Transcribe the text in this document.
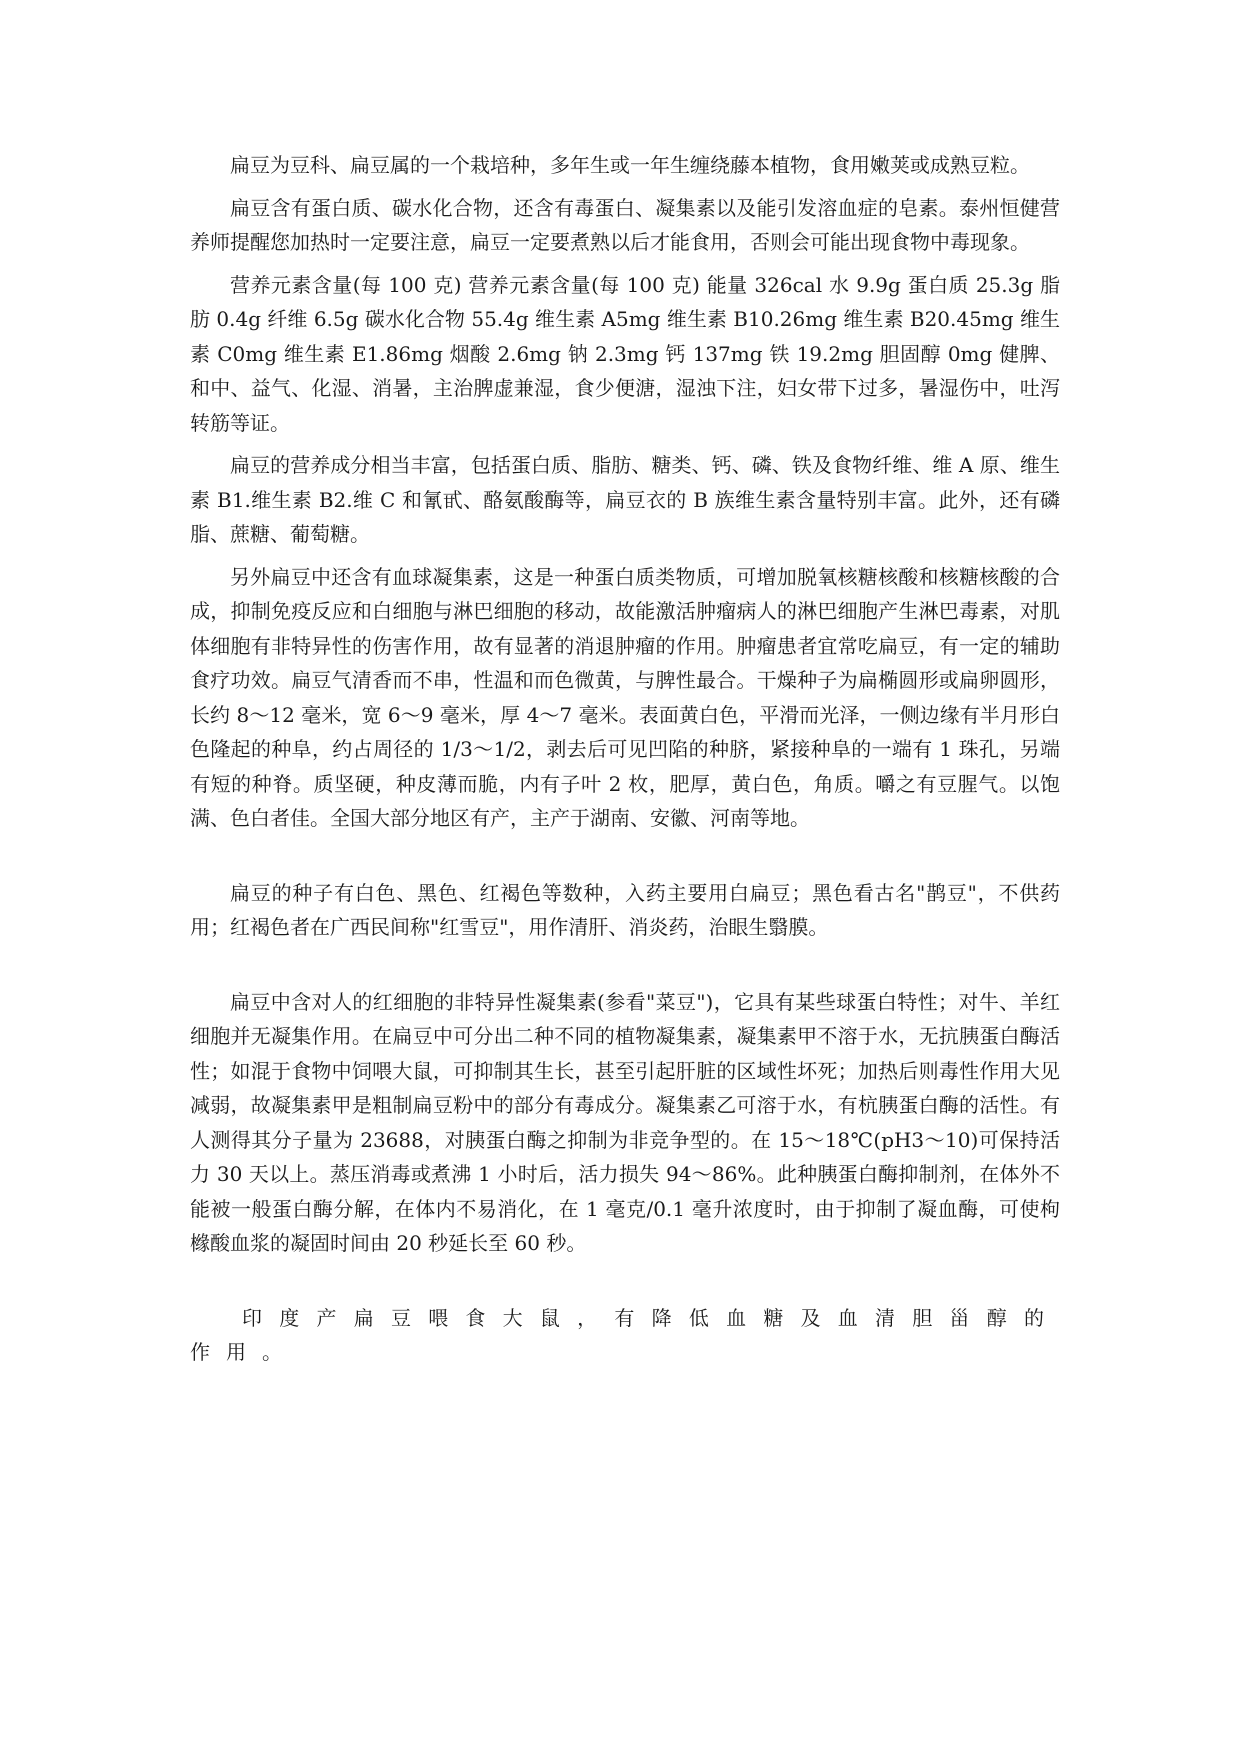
扁豆为豆科、扁豆属的一个栽培种，多年生或一年生缠绕藤本植物，食用嫩荚或成熟豆粒。

扁豆含有蛋白质、碳水化合物，还含有毒蛋白、凝集素以及能引发溶血症的皂素。泰州恒健营养师提醒您加热时一定要注意，扁豆一定要煮熟以后才能食用，否则会可能出现食物中毒现象。

营养元素含量(每 100 克) 营养元素含量(每 100 克) 能量 326cal 水 9.9g 蛋白质 25.3g 脂肪 0.4g 纤维 6.5g 碳水化合物 55.4g 维生素 A5mg 维生素 B10.26mg 维生素 B20.45mg 维生素 C0mg 维生素 E1.86mg 烟酸 2.6mg 钠 2.3mg 钙 137mg 铁 19.2mg 胆固醇 0mg 健脾、和中、益气、化湿、消暑，主治脾虚兼湿，食少便溏，湿浊下注，妇女带下过多，暑湿伤中，吐泻转筋等证。

扁豆的营养成分相当丰富，包括蛋白质、脂肪、糖类、钙、磷、铁及食物纤维、维 A 原、维生素 B1.维生素 B2.维 C 和氰甙、酪氨酸酶等，扁豆衣的 B 族维生素含量特别丰富。此外，还有磷脂、蔗糖、葡萄糖。

另外扁豆中还含有血球凝集素，这是一种蛋白质类物质，可增加脱氧核糖核酸和核糖核酸的合成，抑制免疫反应和白细胞与淋巴细胞的移动，故能激活肿瘤病人的淋巴细胞产生淋巴毒素，对肌体细胞有非特异性的伤害作用，故有显著的消退肿瘤的作用。肿瘤患者宜常吃扁豆，有一定的辅助食疗功效。扁豆气清香而不串，性温和而色微黄，与脾性最合。干燥种子为扁椭圆形或扁卵圆形，长约 8～12 毫米，宽 6～9 毫米，厚 4～7 毫米。表面黄白色，平滑而光泽，一侧边缘有半月形白色隆起的种阜，约占周径的 1/3～1/2，剥去后可见凹陷的种脐，紧接种阜的一端有 1 珠孔，另端有短的种脊。质坚硬，种皮薄而脆，内有子叶 2 枚，肥厚，黄白色，角质。嚼之有豆腥气。以饱满、色白者佳。全国大部分地区有产，主产于湖南、安徽、河南等地。

扁豆的种子有白色、黑色、红褐色等数种，入药主要用白扁豆；黑色看古名"鹊豆"，不供药用；红褐色者在广西民间称"红雪豆"，用作清肝、消炎药，治眼生翳膜。

扁豆中含对人的红细胞的非特异性凝集素(参看"菜豆")，它具有某些球蛋白特性；对牛、羊红细胞并无凝集作用。在扁豆中可分出二种不同的植物凝集素，凝集素甲不溶于水，无抗胰蛋白酶活性；如混于食物中饲喂大鼠，可抑制其生长，甚至引起肝脏的区域性坏死；加热后则毒性作用大见减弱，故凝集素甲是粗制扁豆粉中的部分有毒成分。凝集素乙可溶于水，有杭胰蛋白酶的活性。有人测得其分子量为 23688，对胰蛋白酶之抑制为非竞争型的。在 15～18℃(pH3～10)可保持活力 30 天以上。蒸压消毒或煮沸 1 小时后，活力损失 94～86%。此种胰蛋白酶抑制剂，在体外不能被一般蛋白酶分解，在体内不易消化，在 1 毫克/0.1 毫升浓度时，由于抑制了凝血酶，可使枸橼酸血浆的凝固时间由 20 秒延长至 60 秒。

印度产扁豆喂食大鼠，有降低血糖及血清胆甾醇的作用。
